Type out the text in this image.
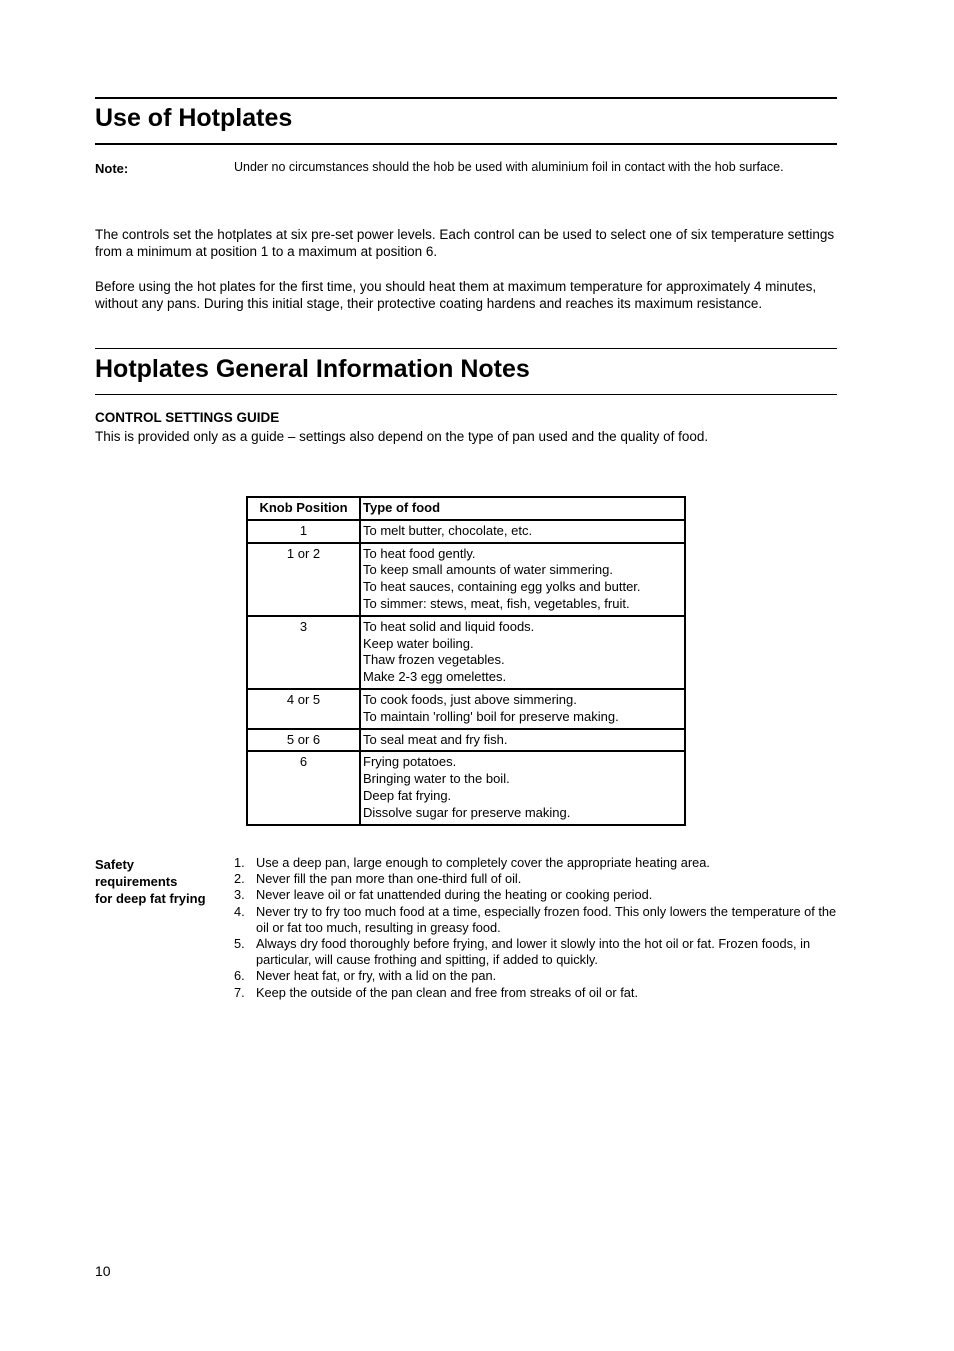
Use of Hotplates
Note:	Under no circumstances should the hob be used with aluminium foil in contact with the hob surface.

The controls set the hotplates at six pre-set power levels. Each control can be used to select one of six temperature settings from a minimum at position 1 to a maximum at position 6.

Before using the hot plates for the first time, you should heat them at maximum temperature for approximately 4 minutes, without any pans. During this initial stage, their protective coating hardens and reaches its maximum resistance.

Hotplates General Information Notes
CONTROL SETTINGS GUIDE
This is provided only as a guide – settings also depend on the type of pan used and the quality of food.
Knob Position	Type of food
1	To melt butter, chocolate, etc.

1 or 2	To heat food gently.
To keep small amounts of water simmering.
To heat sauces, containing egg yolks and butter.
To simmer: stews, meat, fish, vegetables, fruit.

3	To heat solid and liquid foods.
Keep water boiling.
Thaw frozen vegetables.
Make 2-3 egg omelettes.

4 or 5	To cook foods, just above simmering.
To maintain 'rolling' boil for preserve making.

5 or 6	To seal meat and fry fish.

6	Frying potatoes.
Bringing water to the boil.
Deep fat frying.
Dissolve sugar for preserve making.
Safety
requirements
for deep fat frying
1. Use a deep pan, large enough to completely cover the appropriate heating area.
2. Never fill the pan more than one-third full of oil.
3. Never leave oil or fat unattended during the heating or cooking period.
4. Never try to fry too much food at a time, especially frozen food. This only lowers the temperature of the oil or fat too much, resulting in greasy food.
5. Always dry food thoroughly before frying, and lower it slowly into the hot oil or fat. Frozen foods, in particular, will cause frothing and spitting, if added to quickly.
6. Never heat fat, or fry, with a lid on the pan.
7. Keep the outside of the pan clean and free from streaks of oil or fat.
10
